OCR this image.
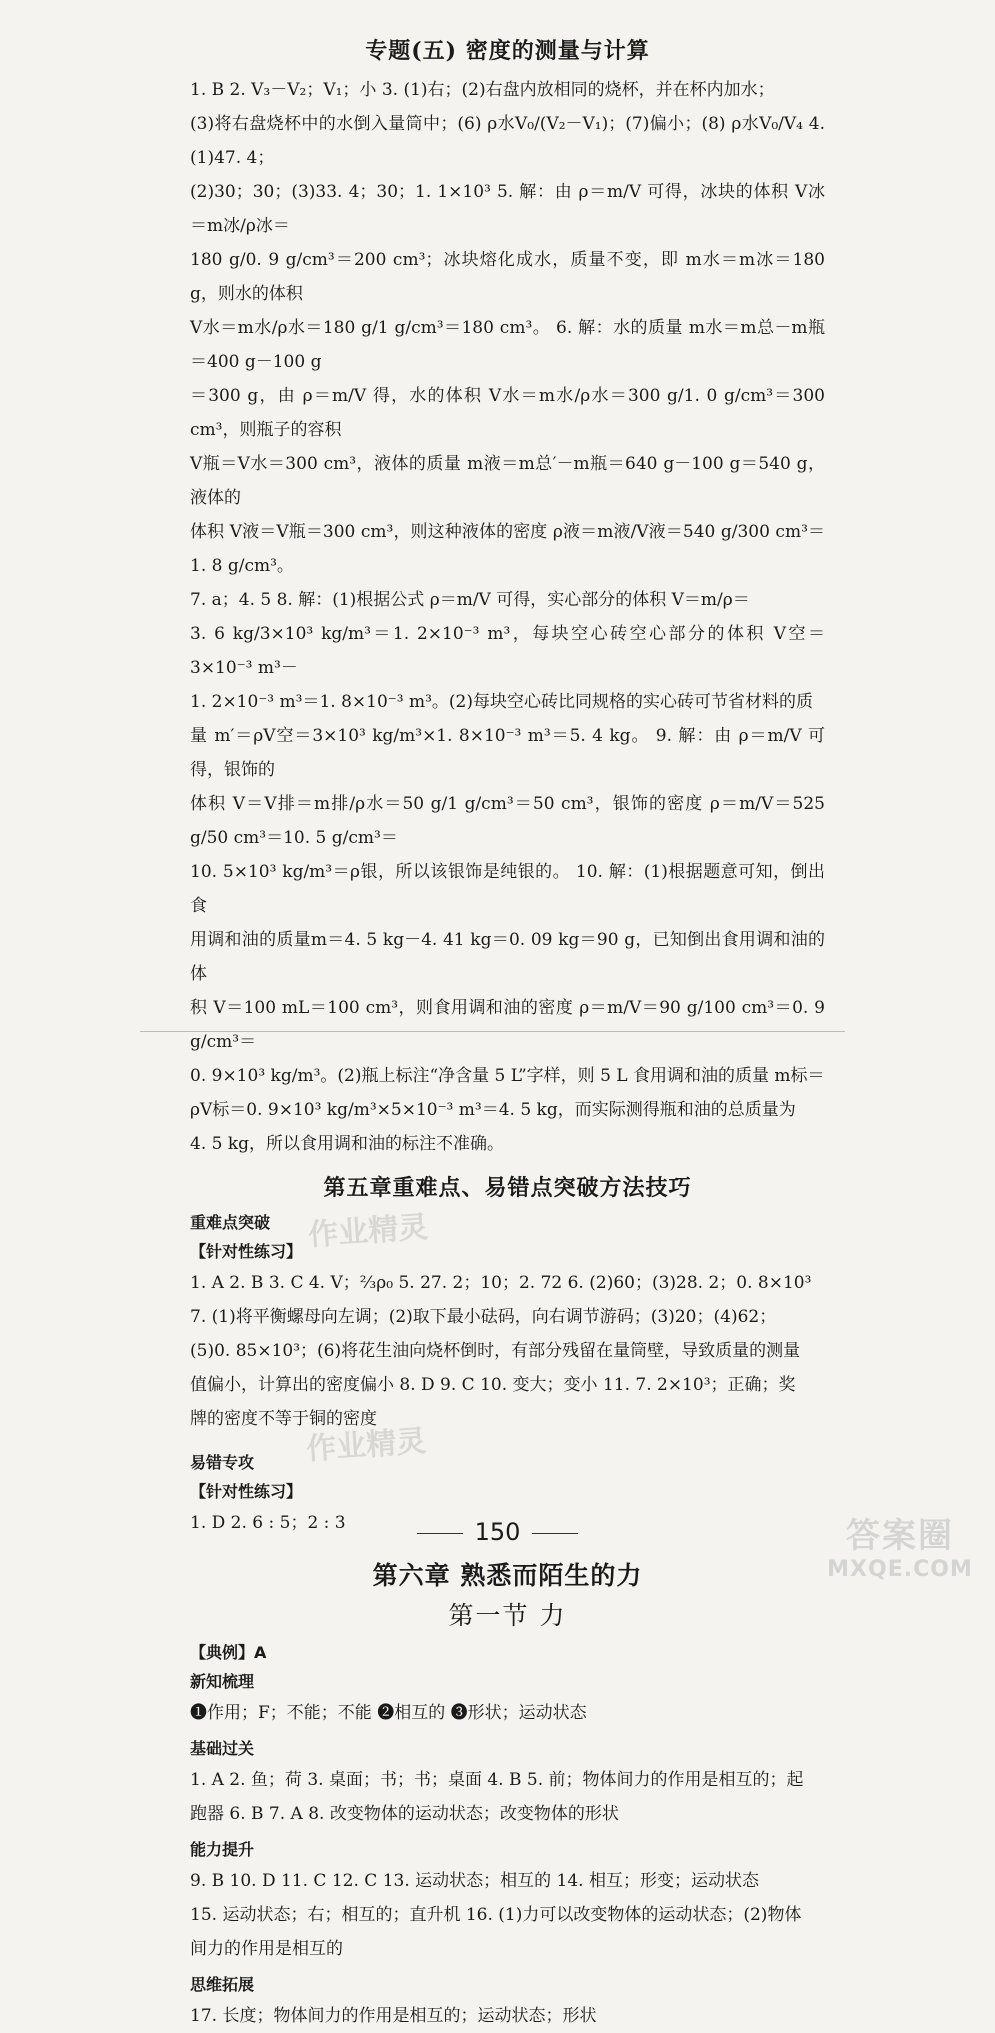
专题(五) 密度的测量与计算

1. B 2. V₃－V₂；V₁；小 3. (1)右；(2)右盘内放相同的烧杯，并在杯内加水；

(3)将右盘烧杯中的水倒入量筒中；(6) ρ水V₀/(V₂－V₁)；(7)偏小；(8) ρ水V₀/V₄ 4. (1)47. 4；

(2)30；30；(3)33. 4；30；1. 1×10³ 5. 解：由 ρ＝m/V 可得，冰块的体积 V冰＝m冰/ρ冰＝

180 g/0. 9 g/cm³＝200 cm³；冰块熔化成水，质量不变，即 m水＝m冰＝180 g，则水的体积

V水＝m水/ρ水＝180 g/1 g/cm³＝180 cm³。 6. 解：水的质量 m水＝m总－m瓶＝400 g－100 g

＝300 g，由 ρ＝m/V 得，水的体积 V水＝m水/ρ水＝300 g/1. 0 g/cm³＝300 cm³，则瓶子的容积

V瓶＝V水＝300 cm³，液体的质量 m液＝m总′－m瓶＝640 g－100 g＝540 g，液体的

体积 V液＝V瓶＝300 cm³，则这种液体的密度 ρ液＝m液/V液＝540 g/300 cm³＝1. 8 g/cm³。

7. a；4. 5 8. 解：(1)根据公式 ρ＝m/V 可得，实心部分的体积 V＝m/ρ＝

3. 6 kg/3×10³ kg/m³＝1. 2×10⁻³ m³，每块空心砖空心部分的体积 V空＝3×10⁻³ m³－

1. 2×10⁻³ m³＝1. 8×10⁻³ m³。(2)每块空心砖比同规格的实心砖可节省材料的质

量 m′＝ρV空＝3×10³ kg/m³×1. 8×10⁻³ m³＝5. 4 kg。 9. 解：由 ρ＝m/V 可得，银饰的

体积 V＝V排＝m排/ρ水＝50 g/1 g/cm³＝50 cm³，银饰的密度 ρ＝m/V＝525 g/50 cm³＝10. 5 g/cm³＝

10. 5×10³ kg/m³＝ρ银，所以该银饰是纯银的。 10. 解：(1)根据题意可知，倒出食

用调和油的质量m＝4. 5 kg－4. 41 kg＝0. 09 kg＝90 g，已知倒出食用调和油的体

积 V＝100 mL＝100 cm³，则食用调和油的密度 ρ＝m/V＝90 g/100 cm³＝0. 9 g/cm³＝

0. 9×10³ kg/m³。(2)瓶上标注“净含量 5 L”字样，则 5 L 食用调和油的质量 m标＝

ρV标＝0. 9×10³ kg/m³×5×10⁻³ m³＝4. 5 kg，而实际测得瓶和油的总质量为

4. 5 kg，所以食用调和油的标注不准确。

第五章重难点、易错点突破方法技巧
重难点突破
【针对性练习】

1. A 2. B 3. C 4. V；⅔ρ₀ 5. 27. 2；10；2. 72 6. (2)60；(3)28. 2；0. 8×10³

7. (1)将平衡螺母向左调；(2)取下最小砝码，向右调节游码；(3)20；(4)62；

(5)0. 85×10³；(6)将花生油向烧杯倒时，有部分残留在量筒壁，导致质量的测量

值偏小，计算出的密度偏小 8. D 9. C 10. 变大；变小 11. 7. 2×10³；正确；奖

牌的密度不等于铜的密度

易错专攻
【针对性练习】

1. D 2. 6 : 5；2 : 3

第六章 熟悉而陌生的力
第一节 力
【典例】A
新知梳理

❶作用；F；不能；不能 ❷相互的 ❸形状；运动状态

基础过关

1. A 2. 鱼；荷 3. 桌面；书；书；桌面 4. B 5. 前；物体间力的作用是相互的；起

跑器 6. B 7. A 8. 改变物体的运动状态；改变物体的形状

能力提升

9. B 10. D 11. C 12. C 13. 运动状态；相互的 14. 相互；形变；运动状态

15. 运动状态；右；相互的；直升机 16. (1)力可以改变物体的运动状态；(2)物体

间力的作用是相互的

思维拓展

17. 长度；物体间力的作用是相互的；运动状态；形状

作业精灵
作业精灵
150	答案圈
MXQE.COM
